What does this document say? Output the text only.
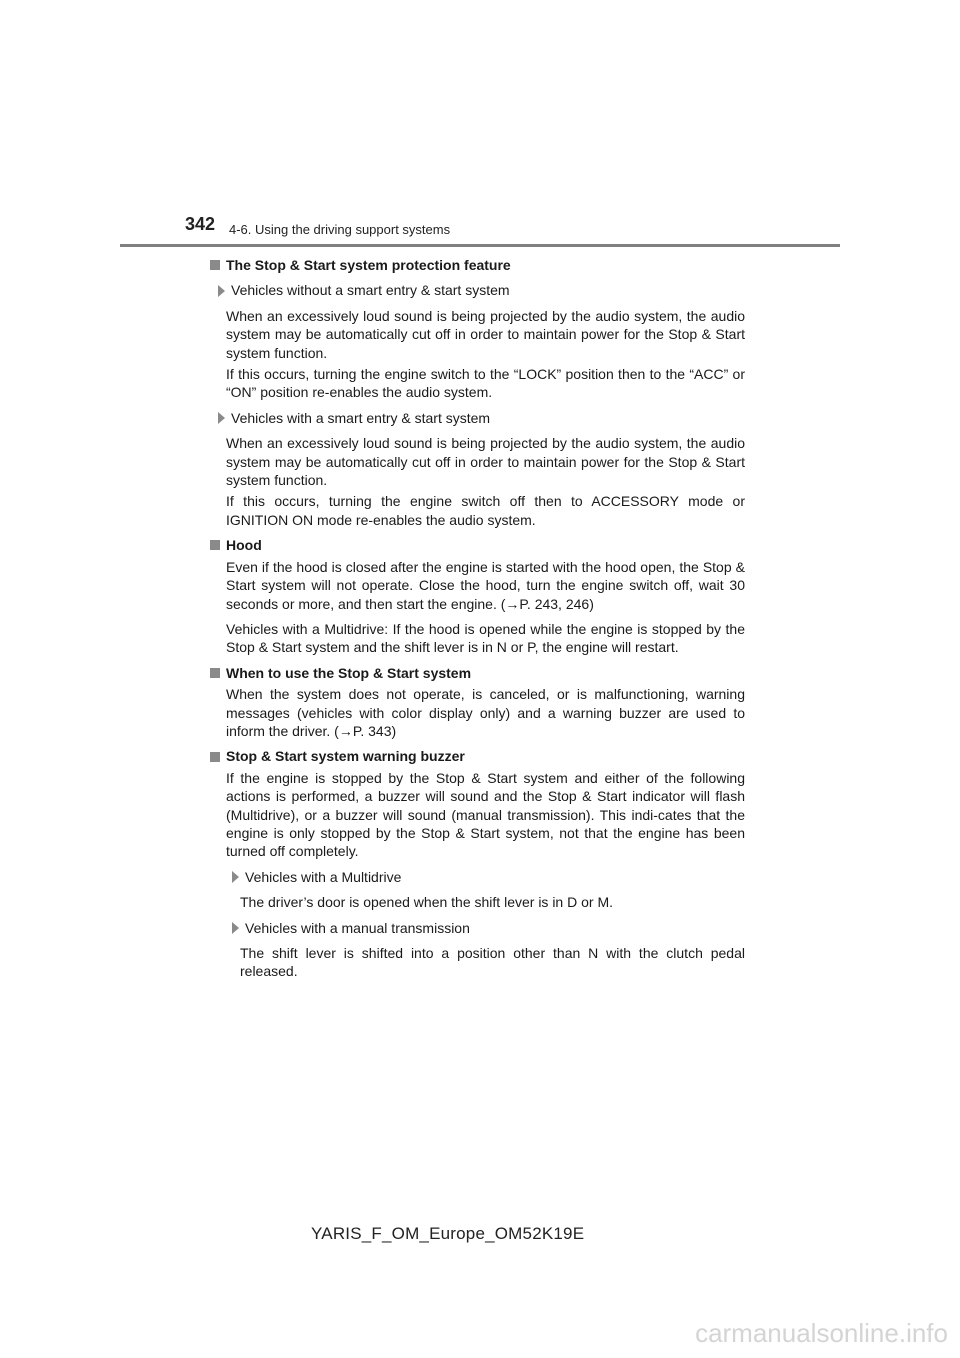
342 4-6. Using the driving support systems
The Stop & Start system protection feature
Vehicles without a smart entry & start system
When an excessively loud sound is being projected by the audio system, the audio system may be automatically cut off in order to maintain power for the Stop & Start system function.
If this occurs, turning the engine switch to the “LOCK” position then to the “ACC” or “ON” position re-enables the audio system.
Vehicles with a smart entry & start system
When an excessively loud sound is being projected by the audio system, the audio system may be automatically cut off in order to maintain power for the Stop & Start system function.
If this occurs, turning the engine switch off then to ACCESSORY mode or IGNITION ON mode re-enables the audio system.
Hood
Even if the hood is closed after the engine is started with the hood open, the Stop & Start system will not operate. Close the hood, turn the engine switch off, wait 30 seconds or more, and then start the engine. (→P. 243, 246)
Vehicles with a Multidrive: If the hood is opened while the engine is stopped by the Stop & Start system and the shift lever is in N or P, the engine will restart.
When to use the Stop & Start system
When the system does not operate, is canceled, or is malfunctioning, warning messages (vehicles with color display only) and a warning buzzer are used to inform the driver. (→P. 343)
Stop & Start system warning buzzer
If the engine is stopped by the Stop & Start system and either of the following actions is performed, a buzzer will sound and the Stop & Start indicator will flash (Multidrive), or a buzzer will sound (manual transmission). This indi-cates that the engine is only stopped by the Stop & Start system, not that the engine has been turned off completely.
Vehicles with a Multidrive
The driver’s door is opened when the shift lever is in D or M.
Vehicles with a manual transmission
The shift lever is shifted into a position other than N with the clutch pedal released.
YARIS_F_OM_Europe_OM52K19E
carmanualsonline.info
